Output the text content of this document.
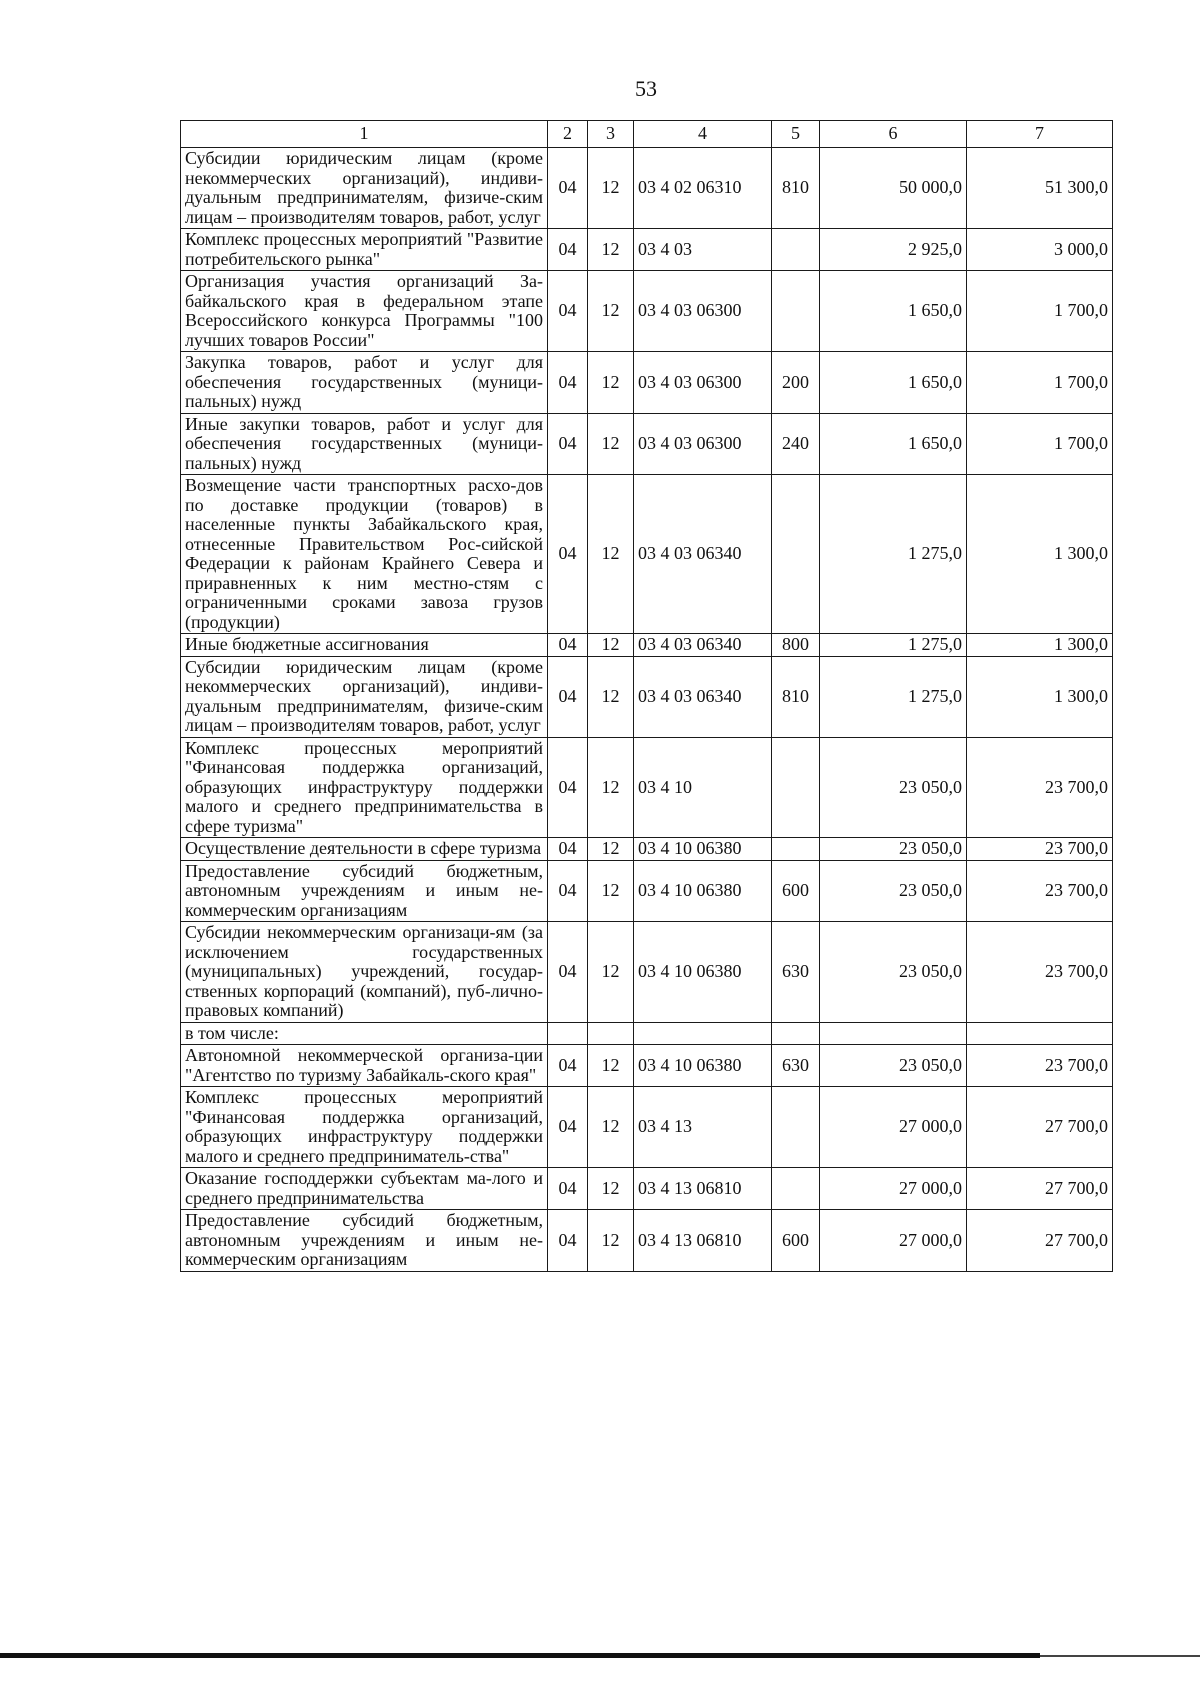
53
1	2	3	4	5	6	7
Субсидии юридическим лицам (кроме некоммерческих организаций), индиви-дуальным предпринимателям, физиче-ским лицам – производителям товаров, работ, услуг	04	12	03 4 02 06310	810	50 000,0	51 300,0
Комплекс процессных мероприятий "Развитие потребительского рынка"	04	12	03 4 03		2 925,0	3 000,0
Организация участия организаций За-байкальского края в федеральном этапе Всероссийского конкурса Программы "100 лучших товаров России"	04	12	03 4 03 06300		1 650,0	1 700,0
Закупка товаров, работ и услуг для обеспечения государственных (муници-пальных) нужд	04	12	03 4 03 06300	200	1 650,0	1 700,0
Иные закупки товаров, работ и услуг для обеспечения государственных (муници-пальных) нужд	04	12	03 4 03 06300	240	1 650,0	1 700,0
Возмещение части транспортных расхо-дов по доставке продукции (товаров) в населенные пункты Забайкальского края, отнесенные Правительством Рос-сийской Федерации к районам Крайнего Севера и приравненных к ним местно-стям с ограниченными сроками завоза грузов (продукции)	04	12	03 4 03 06340		1 275,0	1 300,0
Иные бюджетные ассигнования	04	12	03 4 03 06340	800	1 275,0	1 300,0
Субсидии юридическим лицам (кроме некоммерческих организаций), индиви-дуальным предпринимателям, физиче-ским лицам – производителям товаров, работ, услуг	04	12	03 4 03 06340	810	1 275,0	1 300,0
Комплекс процессных мероприятий "Финансовая поддержка организаций, образующих инфраструктуру поддержки малого и среднего предпринимательства в сфере туризма"	04	12	03 4 10		23 050,0	23 700,0
Осуществление деятельности в сфере туризма	04	12	03 4 10 06380		23 050,0	23 700,0
Предоставление субсидий бюджетным, автономным учреждениям и иным не-коммерческим организациям	04	12	03 4 10 06380	600	23 050,0	23 700,0
Субсидии некоммерческим организаци-ям (за исключением государственных (муниципальных) учреждений, государ-ственных корпораций (компаний), пуб-лично-правовых компаний)	04	12	03 4 10 06380	630	23 050,0	23 700,0
в том числе:						
Автономной некоммерческой организа-ции "Агентство по туризму Забайкаль-ского края"	04	12	03 4 10 06380	630	23 050,0	23 700,0
Комплекс процессных мероприятий "Финансовая поддержка организаций, образующих инфраструктуру поддержки малого и среднего предприниматель-ства"	04	12	03 4 13		27 000,0	27 700,0
Оказание господдержки субъектам ма-лого и среднего предпринимательства	04	12	03 4 13 06810		27 000,0	27 700,0
Предоставление субсидий бюджетным, автономным учреждениям и иным не-коммерческим организациям	04	12	03 4 13 06810	600	27 000,0	27 700,0
